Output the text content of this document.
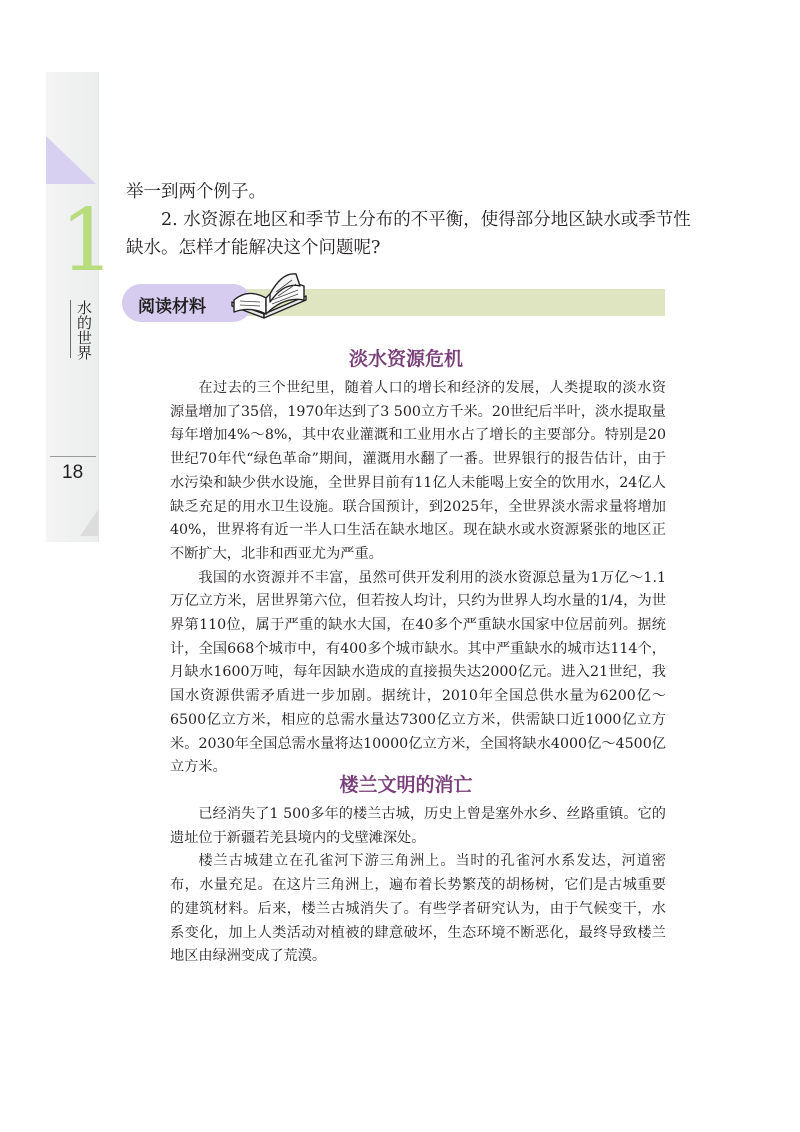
1
水的世界
18

举一到两个例子。

2. 水资源在地区和季节上分布的不平衡，使得部分地区缺水或季节性缺水。怎样才能解决这个问题呢?

阅读材料
淡水资源危机

在过去的三个世纪里，随着人口的增长和经济的发展，人类提取的淡水资源量增加了35倍，1970年达到了3 500立方千米。20世纪后半叶，淡水提取量每年增加4%～8%，其中农业灌溉和工业用水占了增长的主要部分。特别是20世纪70年代“绿色革命”期间，灌溉用水翻了一番。世界银行的报告估计，由于水污染和缺少供水设施，全世界目前有11亿人未能喝上安全的饮用水，24亿人缺乏充足的用水卫生设施。联合国预计，到2025年，全世界淡水需求量将增加40%，世界将有近一半人口生活在缺水地区。现在缺水或水资源紧张的地区正不断扩大，北非和西亚尤为严重。

我国的水资源并不丰富，虽然可供开发利用的淡水资源总量为1万亿～1.1万亿立方米，居世界第六位，但若按人均计，只约为世界人均水量的1/4，为世界第110位，属于严重的缺水大国，在40多个严重缺水国家中位居前列。据统计，全国668个城市中，有400多个城市缺水。其中严重缺水的城市达114个，月缺水1600万吨，每年因缺水造成的直接损失达2000亿元。进入21世纪，我国水资源供需矛盾进一步加剧。据统计，2010年全国总供水量为6200亿～6500亿立方米，相应的总需水量达7300亿立方米，供需缺口近1000亿立方米。2030年全国总需水量将达10000亿立方米，全国将缺水4000亿～4500亿立方米。

楼兰文明的消亡

已经消失了1 500多年的楼兰古城，历史上曾是塞外水乡、丝路重镇。它的遗址位于新疆若羌县境内的戈壁滩深处。

楼兰古城建立在孔雀河下游三角洲上。当时的孔雀河水系发达，河道密布，水量充足。在这片三角洲上，遍布着长势繁茂的胡杨树，它们是古城重要的建筑材料。后来，楼兰古城消失了。有些学者研究认为，由于气候变干，水系变化，加上人类活动对植被的肆意破坏，生态环境不断恶化，最终导致楼兰地区由绿洲变成了荒漠。
